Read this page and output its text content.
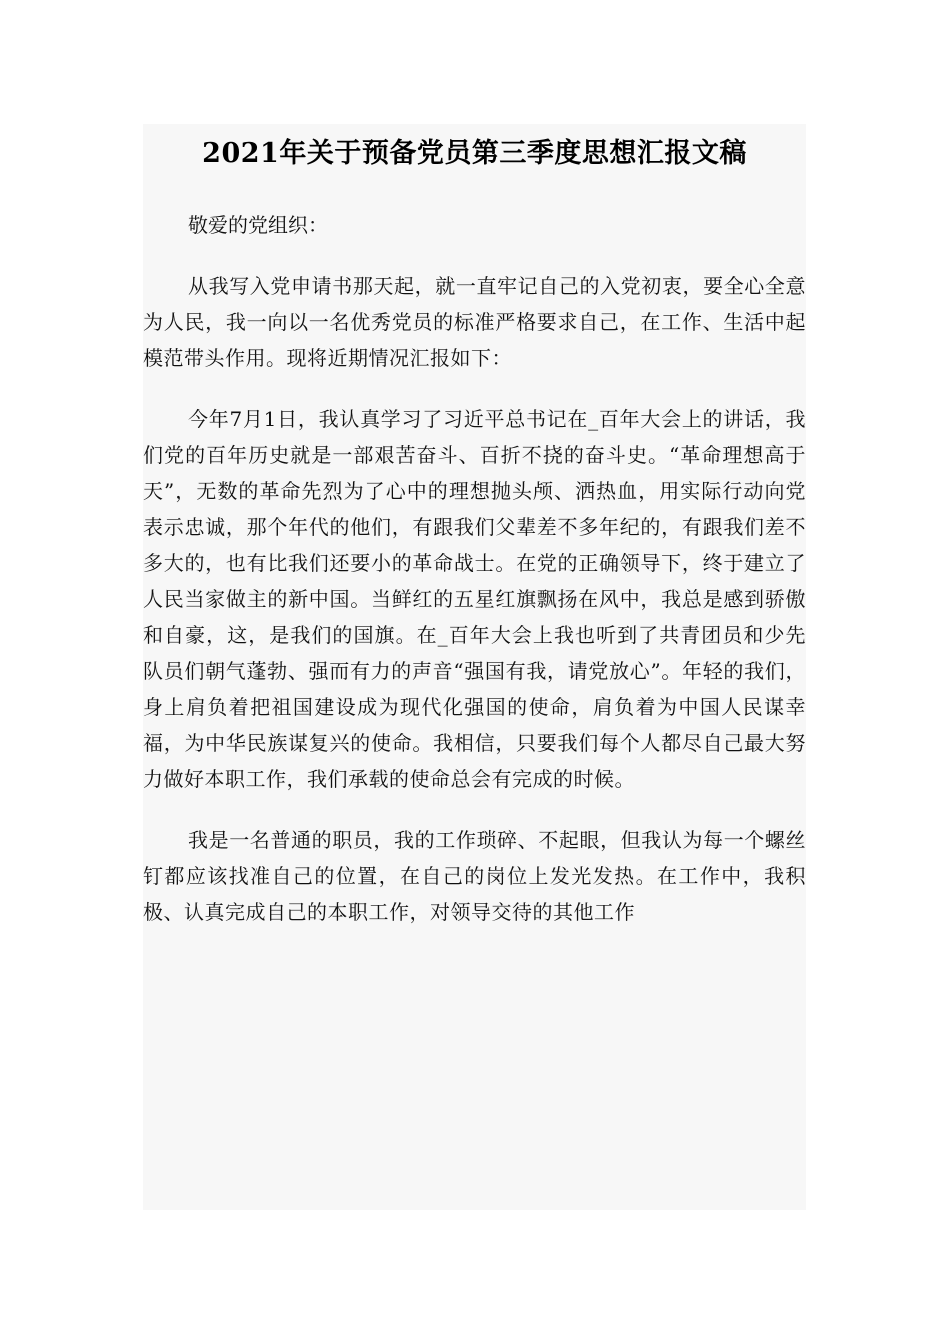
2021年关于预备党员第三季度思想汇报文稿

敬爱的党组织：

从我写入党申请书那天起，就一直牢记自己的入党初衷，要全心全意为人民，我一向以一名优秀党员的标准严格要求自己，在工作、生活中起模范带头作用。现将近期情况汇报如下：

今年7月1日，我认真学习了习近平总书记在_百年大会上的讲话，我们党的百年历史就是一部艰苦奋斗、百折不挠的奋斗史。“革命理想高于天”，无数的革命先烈为了心中的理想抛头颅、洒热血，用实际行动向党表示忠诚，那个年代的他们，有跟我们父辈差不多年纪的，有跟我们差不多大的，也有比我们还要小的革命战士。在党的正确领导下，终于建立了人民当家做主的新中国。当鲜红的五星红旗飘扬在风中，我总是感到骄傲和自豪，这，是我们的国旗。在_百年大会上我也听到了共青团员和少先队员们朝气蓬勃、强而有力的声音“强国有我，请党放心”。年轻的我们，身上肩负着把祖国建设成为现代化强国的使命，肩负着为中国人民谋幸福，为中华民族谋复兴的使命。我相信，只要我们每个人都尽自己最大努力做好本职工作，我们承载的使命总会有完成的时候。

我是一名普通的职员，我的工作琐碎、不起眼，但我认为每一个螺丝钉都应该找准自己的位置，在自己的岗位上发光发热。在工作中，我积极、认真完成自己的本职工作，对领导交待的其他工作
